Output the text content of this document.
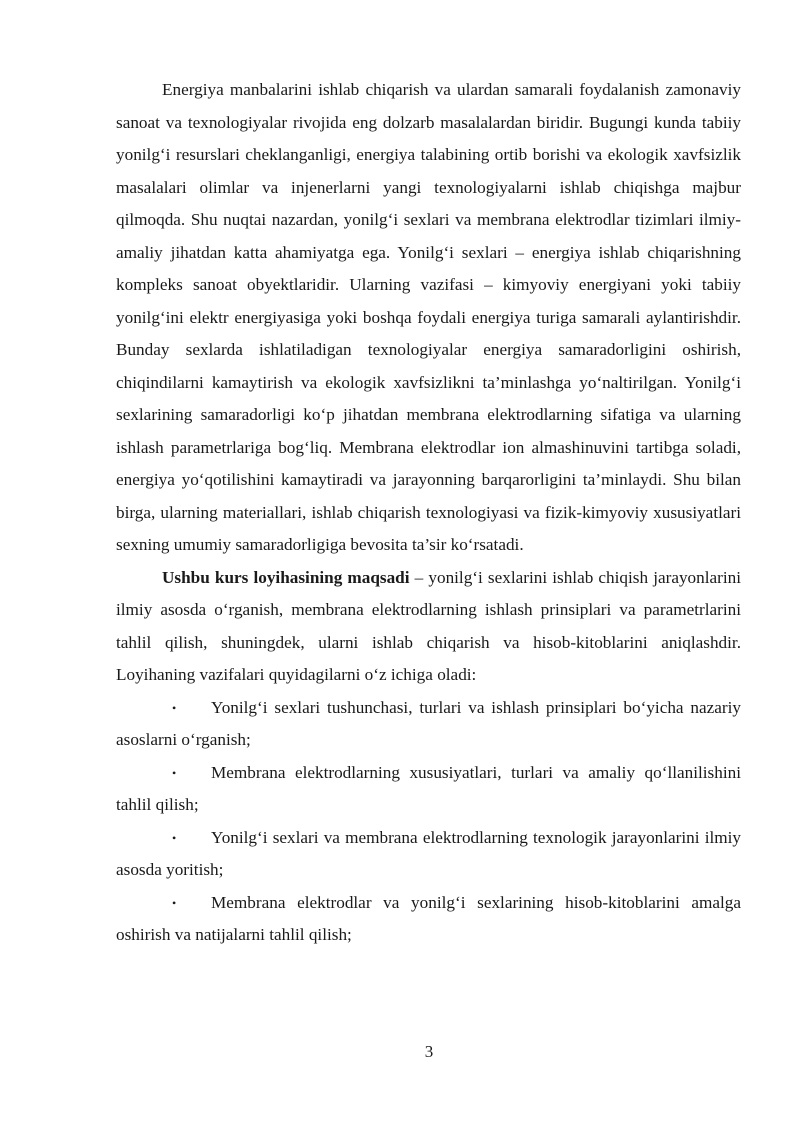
Energiya manbalarini ishlab chiqarish va ulardan samarali foydalanish zamonaviy sanoat va texnologiyalar rivojida eng dolzarb masalalardan biridir. Bugungi kunda tabiiy yonilg‘i resurslari cheklanganligi, energiya talabining ortib borishi va ekologik xavfsizlik masalalari olimlar va injenerlarni yangi texnologiyalarni ishlab chiqishga majbur qilmoqda. Shu nuqtai nazardan, yonilg‘i sexlari va membrana elektrodlar tizimlari ilmiy-amaliy jihatdan katta ahamiyatga ega. Yonilg‘i sexlari – energiya ishlab chiqarishning kompleks sanoat obyektlaridir. Ularning vazifasi – kimyoviy energiyani yoki tabiiy yonilg‘ini elektr energiyasiga yoki boshqa foydali energiya turiga samarali aylantirishdir. Bunday sexlarda ishlatiladigan texnologiyalar energiya samaradorligini oshirish, chiqindilarni kamaytirish va ekologik xavfsizlikni ta’minlashga yo‘naltirilgan. Yonilg‘i sexlarining samaradorligi ko‘p jihatdan membrana elektrodlarning sifatiga va ularning ishlash parametrlariga bog‘liq. Membrana elektrodlar ion almashinuvini tartibga soladi, energiya yo‘qotilishini kamaytiradi va jarayonning barqarorligini ta’minlaydi. Shu bilan birga, ularning materiallari, ishlab chiqarish texnologiyasi va fizik-kimyoviy xususiyatlari sexning umumiy samaradorligiga bevosita ta’sir ko‘rsatadi.

Ushbu kurs loyihasining maqsadi – yonilg‘i sexlarini ishlab chiqish jarayonlarini ilmiy asosda o‘rganish, membrana elektrodlarning ishlash prinsiplari va parametrlarini tahlil qilish, shuningdek, ularni ishlab chiqarish va hisob-kitoblarini aniqlashdir. Loyihaning vazifalari quyidagilarni o‘z ichiga oladi:

• Yonilg‘i sexlari tushunchasi, turlari va ishlash prinsiplari bo‘yicha nazariy asoslarni o‘rganish;

• Membrana elektrodlarning xususiyatlari, turlari va amaliy qo‘llanilishini tahlil qilish;

• Yonilg‘i sexlari va membrana elektrodlarning texnologik jarayonlarini ilmiy asosda yoritish;

• Membrana elektrodlar va yonilg‘i sexlarining hisob-kitoblarini amalga oshirish va natijalarni tahlil qilish;

3
